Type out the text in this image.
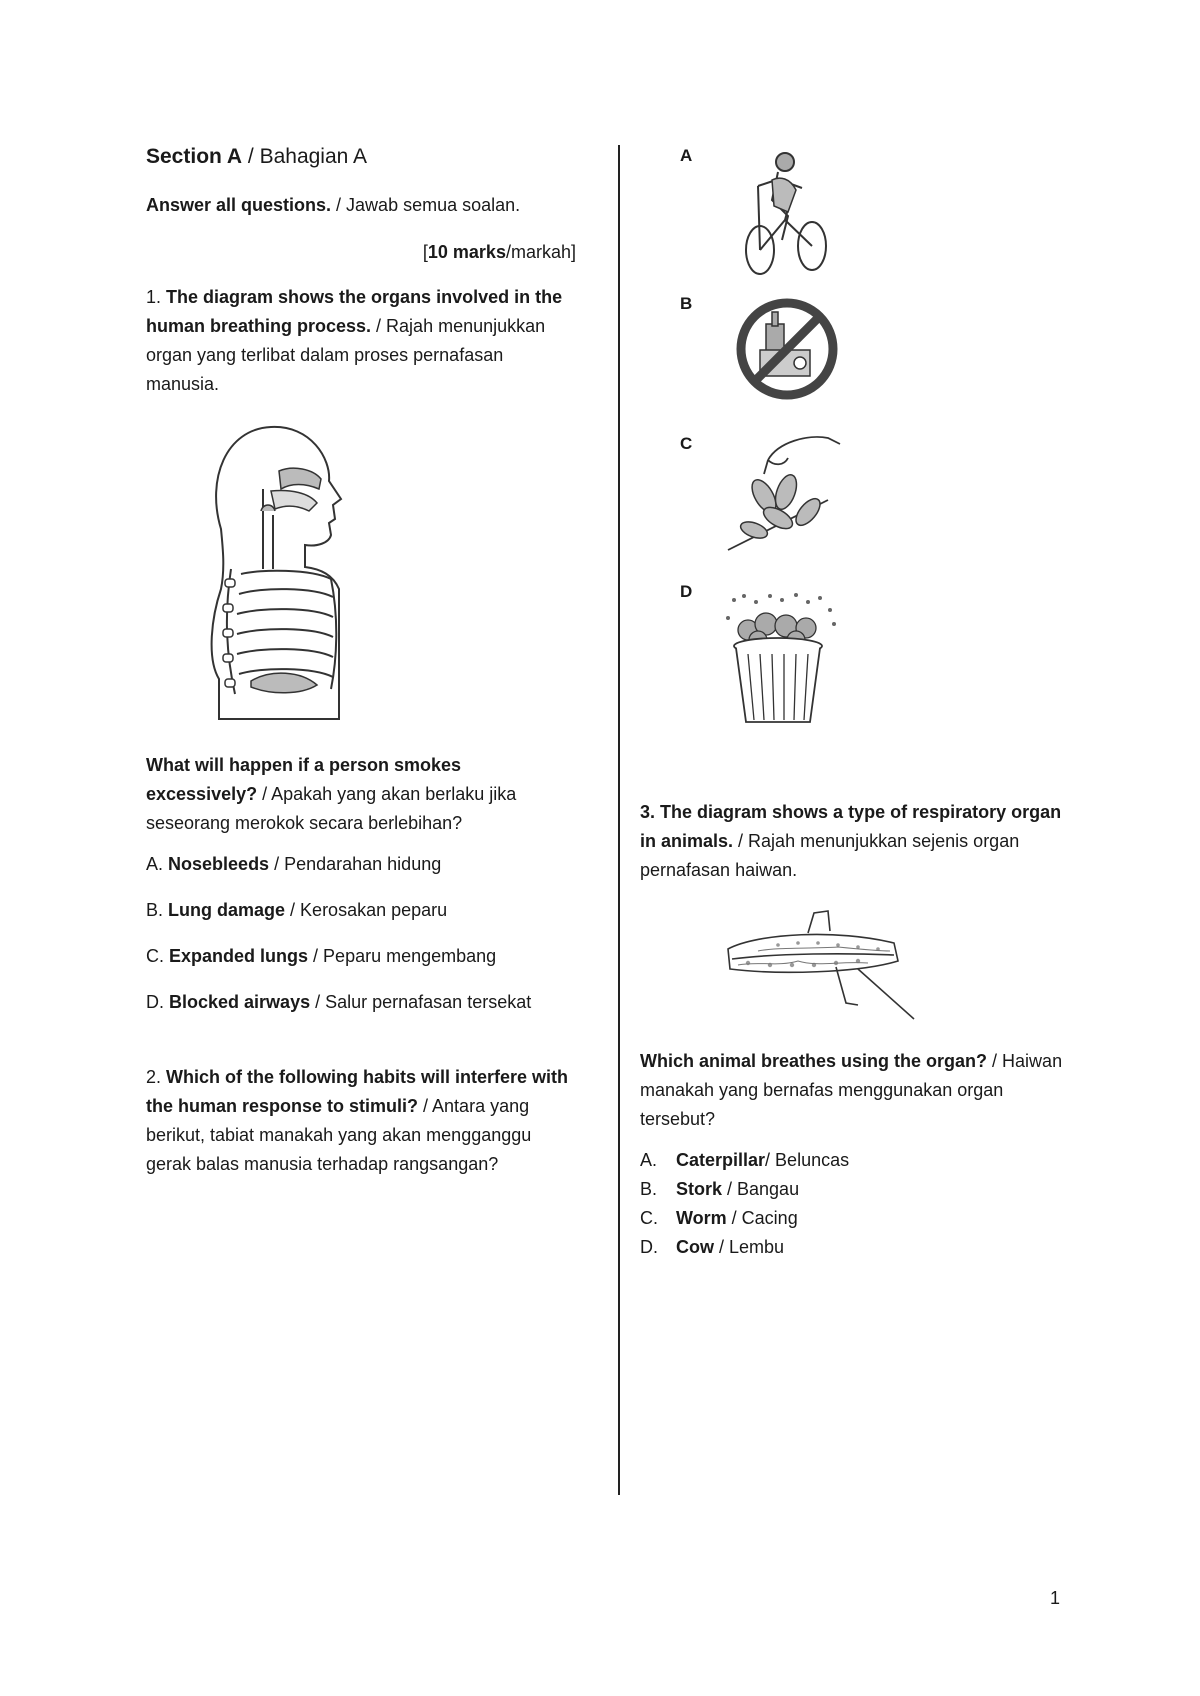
Section A / Bahagian A

Answer all questions. / Jawab semua soalan.

[10 marks/markah]

1. The diagram shows the organs involved in the human breathing process. / Rajah menunjukkan organ yang terlibat dalam proses pernafasan manusia.

What will happen if a person smokes excessively? / Apakah yang akan berlaku jika seseorang merokok secara berlebihan?

A. Nosebleeds / Pendarahan hidung

B. Lung damage / Kerosakan peparu

C. Expanded lungs / Peparu mengembang

D. Blocked airways / Salur pernafasan tersekat

2. Which of the following habits will interfere with the human response to stimuli? / Antara yang berikut, tabiat manakah yang akan mengganggu gerak balas manusia terhadap rangsangan?

A
B
C
D

3. The diagram shows a type of respiratory organ in animals. / Rajah menunjukkan sejenis organ pernafasan haiwan.

Which animal breathes using the organ? / Haiwan manakah yang bernafas menggunakan organ tersebut?

A.	Caterpillar/ Beluncas
B.	Stork / Bangau
C.	Worm / Cacing
D.	Cow / Lembu
1
